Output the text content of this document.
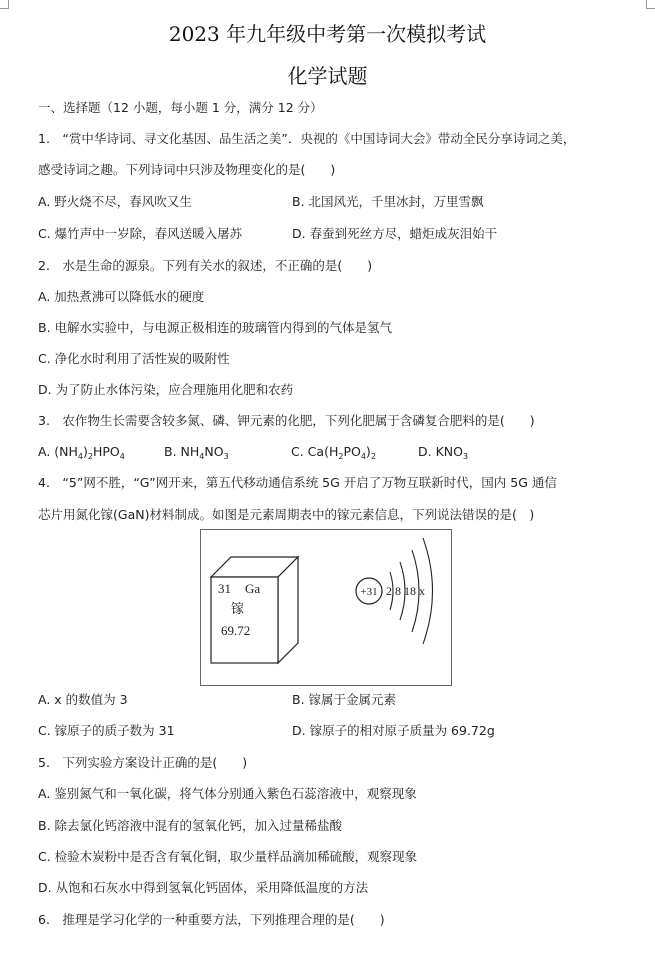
2023 年九年级中考第一次模拟考试
化学试题
一、选择题（12 小题，每小题 1 分，满分 12 分）
1.　“赏中华诗词、寻文化基因、品生活之美”．央视的《中国诗词大会》带动全民分享诗词之美，
感受诗词之趣。下列诗词中只涉及物理变化的是(　　)
A. 野火烧不尽，春风吹又生	B. 北国风光，千里冰封，万里雪飘
C. 爆竹声中一岁除，春风送暖入屠苏	D. 春蚕到死丝方尽，蜡炬成灰泪始干
2.　水是生命的源泉。下列有关水的叙述，不正确的是(　　)
A. 加热煮沸可以降低水的硬度
B. 电解水实验中，与电源正极相连的玻璃管内得到的气体是氢气
C. 净化水时利用了活性炭的吸附性
D. 为了防止水体污染，应合理施用化肥和农药
3.　农作物生长需要含较多氮、磷、钾元素的化肥，下列化肥属于含磷复合肥料的是(　　)
A. $(NH_4)_2HPO_4$	B. $NH_4NO_3$	C. $Ca(H_2PO_4)_2$	D. $KNO_3$
4.　“5”网不胜，“G”网开来，第五代移动通信系统 5G 开启了万物互联新时代，国内 5G 通信
芯片用氮化镓(GaN)材料制成。如图是元素周期表中的镓元素信息，下列说法错误的是(　)
31 Ga
镓
69.72
+31 2 8 18 x
A. x 的数值为 3	B. 镓属于金属元素
C. 镓原子的质子数为 31	D. 镓原子的相对原子质量为 69.72g
5.　下列实验方案设计正确的是(　　)
A. 鉴别氮气和一氧化碳，将气体分别通入紫色石蕊溶液中，观察现象
B. 除去氯化钙溶液中混有的氢氧化钙，加入过量稀盐酸
C. 检验木炭粉中是否含有氧化铜，取少量样品滴加稀硫酸，观察现象
D. 从饱和石灰水中得到氢氧化钙固体，采用降低温度的方法
6.　推理是学习化学的一种重要方法，下列推理合理的是(　　)
